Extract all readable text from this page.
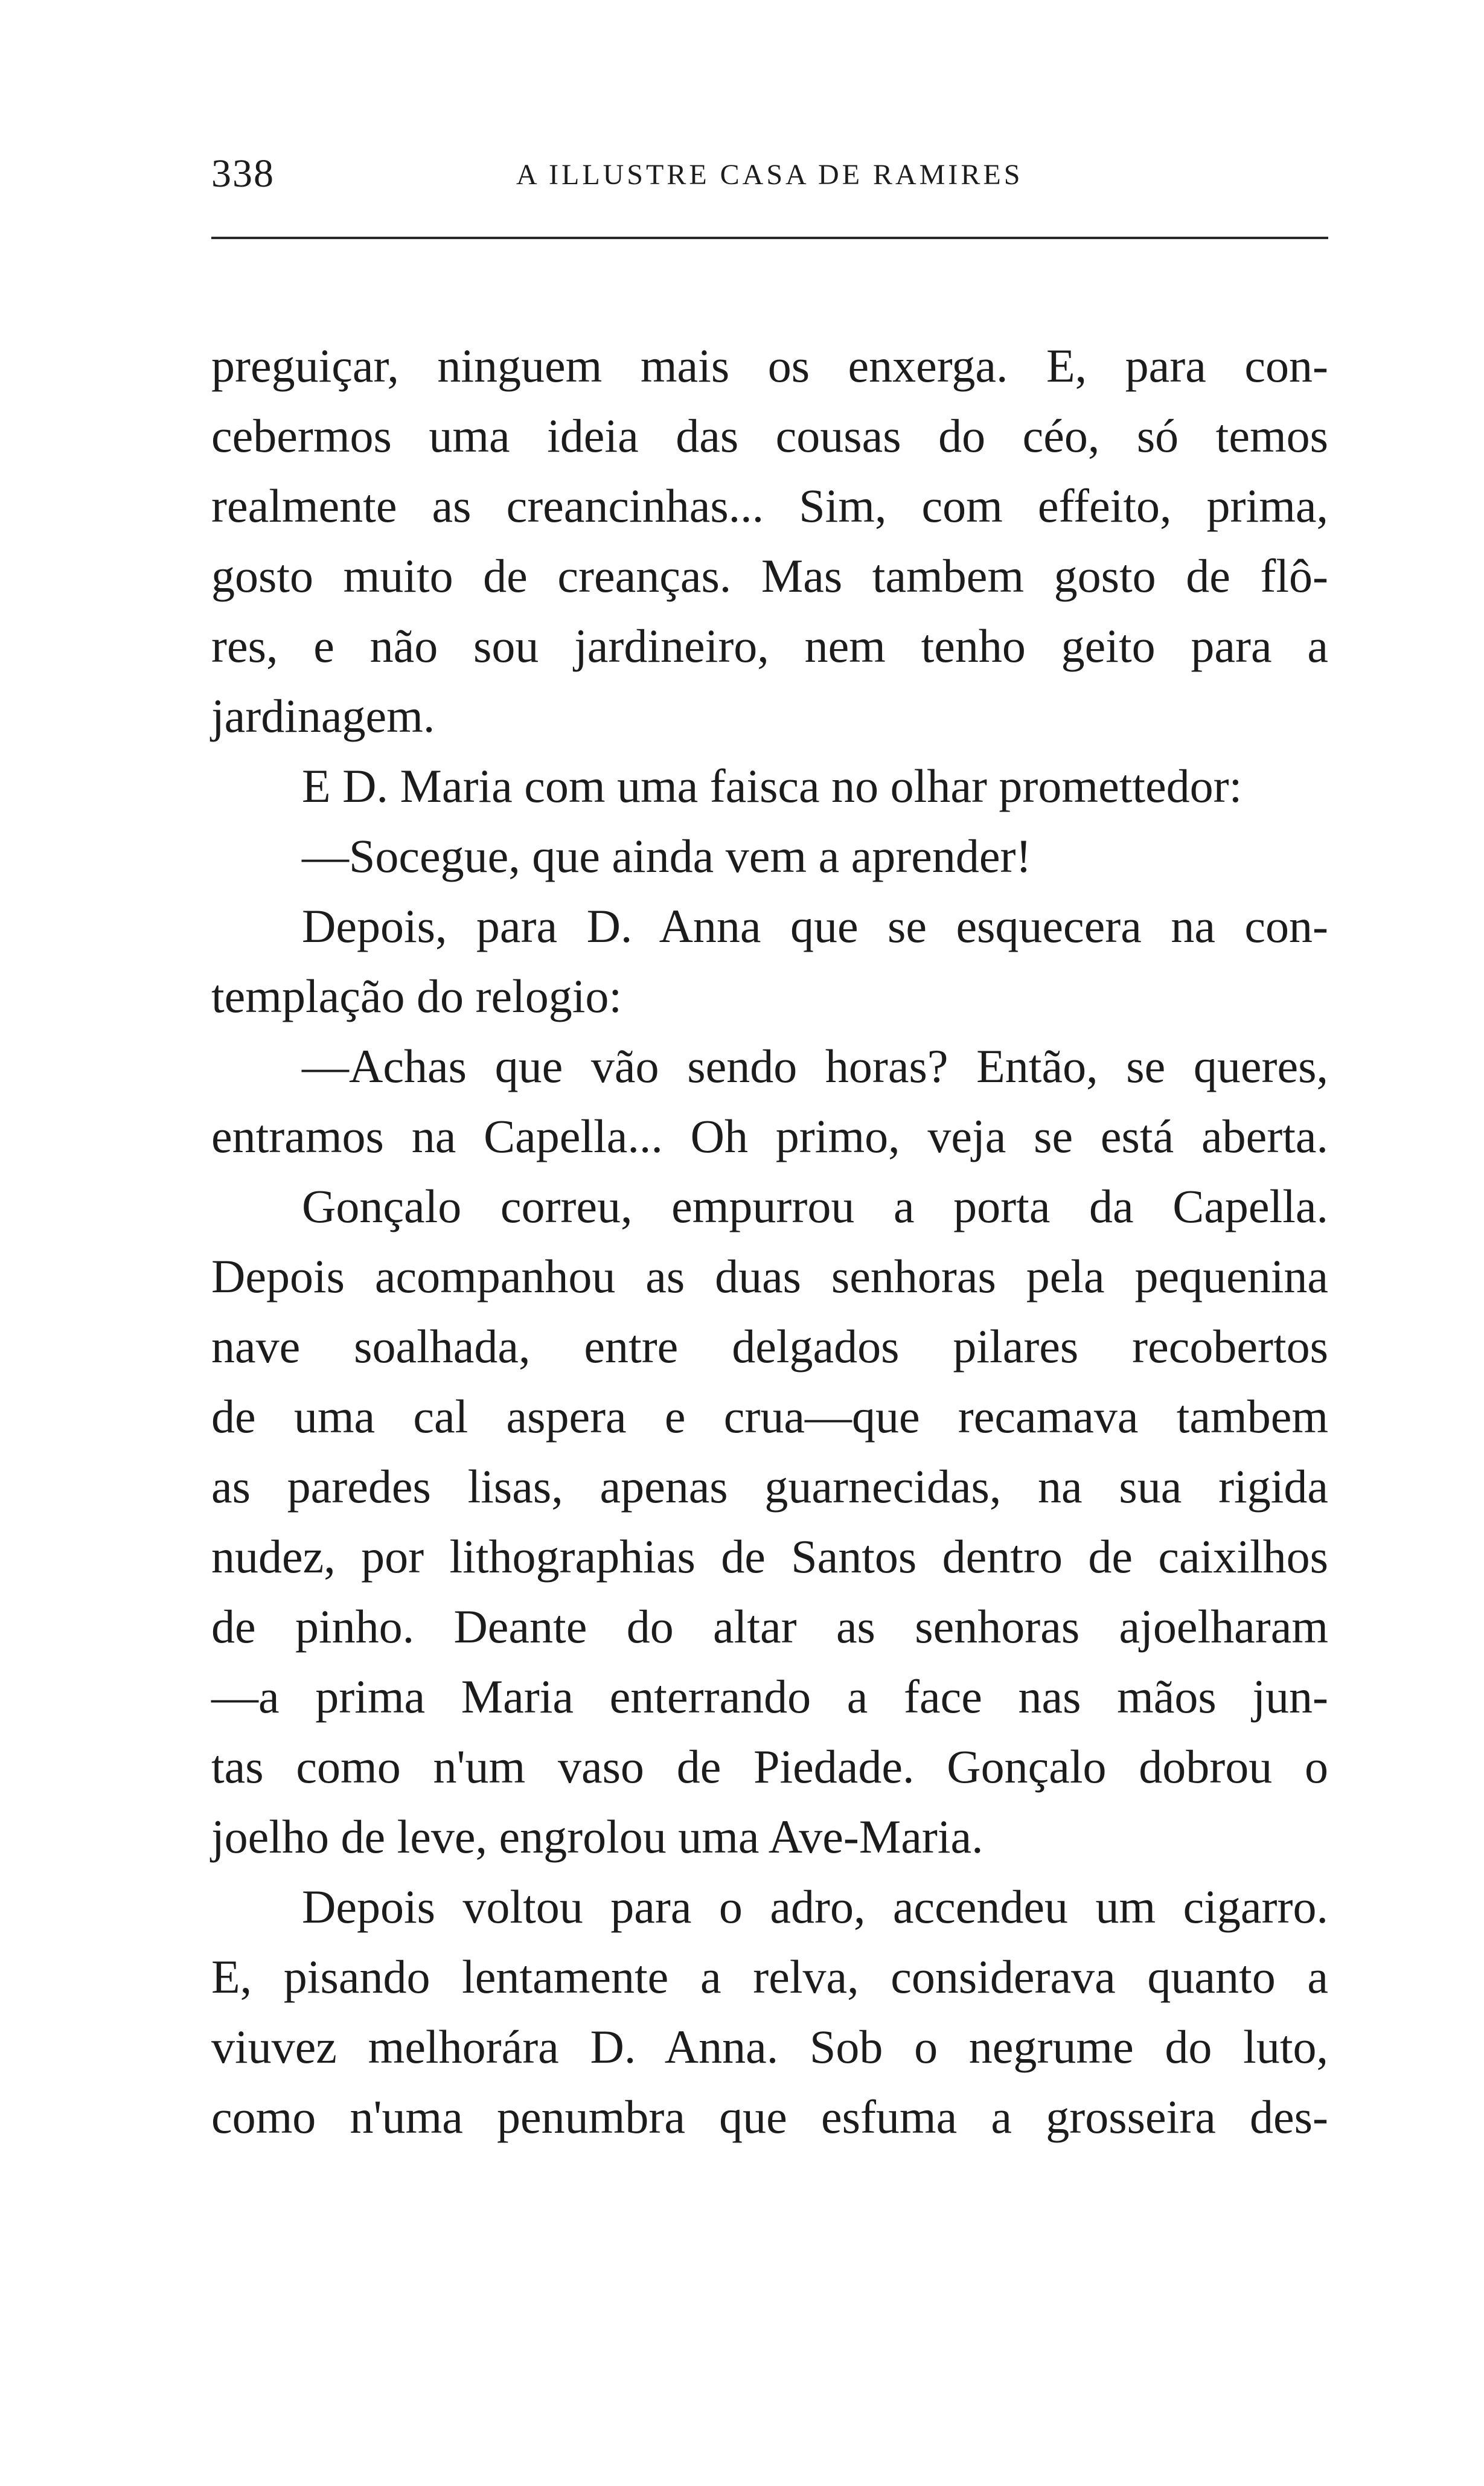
338	A ILLUSTRE CASA DE RAMIRES
preguiçar, ninguem mais os enxerga. E, para con-
cebermos uma ideia das cousas do céo, só temos
realmente as creancinhas... Sim, com effeito, prima,
gosto muito de creanças. Mas tambem gosto de flô-
res, e não sou jardineiro, nem tenho geito para a
jardinagem.
E D. Maria com uma faisca no olhar promettedor:
—Socegue, que ainda vem a aprender!
Depois, para D. Anna que se esquecera na con-
templação do relogio:
—Achas que vão sendo horas? Então, se queres,
entramos na Capella... Oh primo, veja se está aberta.
Gonçalo correu, empurrou a porta da Capella.
Depois acompanhou as duas senhoras pela pequenina
nave soalhada, entre delgados pilares recobertos
de uma cal aspera e crua—que recamava tambem
as paredes lisas, apenas guarnecidas, na sua rigida
nudez, por lithographias de Santos dentro de caixilhos
de pinho. Deante do altar as senhoras ajoelharam
—a prima Maria enterrando a face nas mãos jun-
tas como n'um vaso de Piedade. Gonçalo dobrou o
joelho de leve, engrolou uma Ave-Maria.
Depois voltou para o adro, accendeu um cigarro.
E, pisando lentamente a relva, considerava quanto a
viuvez melhorára D. Anna. Sob o negrume do luto,
como n'uma penumbra que esfuma a grosseira des-
